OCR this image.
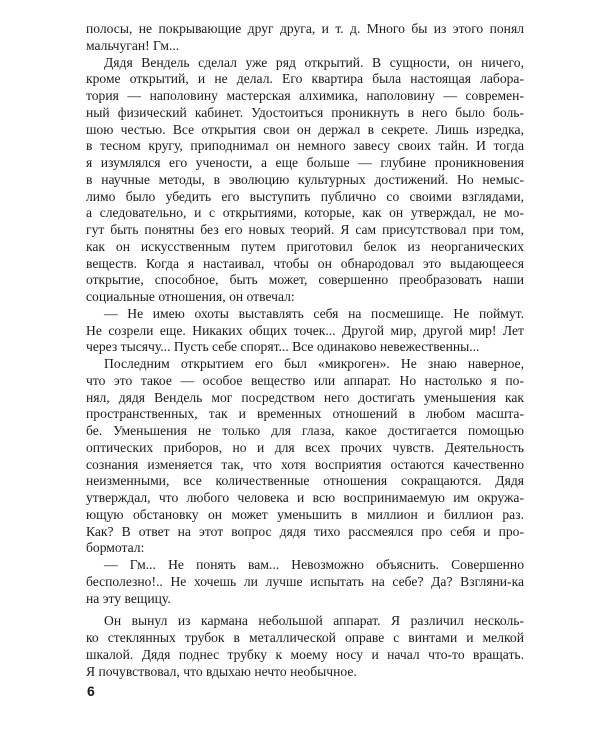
полосы, не покрывающие друг друга, и т. д. Много бы из этого понял
мальчуган! Гм...
Дядя Вендель сделал уже ряд открытий. В сущности, он ничего,
кроме открытий, и не делал. Его квартира была настоящая лабора-
тория — наполовину мастерская алхимика, наполовину — современ-
ный физический кабинет. Удостоиться проникнуть в него было боль-
шою честью. Все открытия свои он держал в секрете. Лишь изредка,
в тесном кругу, приподнимал он немного завесу своих тайн. И тогда
я изумлялся его учености, а еще больше — глубине проникновения
в научные методы, в эволюцию культурных достижений. Но немыс-
лимо было убедить его выступить публично со своими взглядами,
а следовательно, и с открытиями, которые, как он утверждал, не мо-
гут быть понятны без его новых теорий. Я сам присутствовал при том,
как он искусственным путем приготовил белок из неорганических
веществ. Когда я настаивал, чтобы он обнародовал это выдающееся
открытие, способное, быть может, совершенно преобразовать наши
социальные отношения, он отвечал:
— Не имею охоты выставлять себя на посмешище. Не поймут.
Не созрели еще. Никаких общих точек... Другой мир, другой мир! Лет
через тысячу... Пусть себе спорят... Все одинаково невежественны...
Последним открытием его был «микроген». Не знаю наверное,
что это такое — особое вещество или аппарат. Но настолько я по-
нял, дядя Вендель мог посредством него достигать уменьшения как
пространственных, так и временных отношений в любом масшта-
бе. Уменьшения не только для глаза, какое достигается помощью
оптических приборов, но и для всех прочих чувств. Деятельность
сознания изменяется так, что хотя восприятия остаются качественно
неизменными, все количественные отношения сокращаются. Дядя
утверждал, что любого человека и всю воспринимаемую им окружа-
ющую обстановку он может уменьшить в миллион и биллион раз.
Как? В ответ на этот вопрос дядя тихо рассмеялся про себя и про-
бормотал:
— Гм... Не понять вам... Невозможно объяснить. Совершенно
бесполезно!.. Не хочешь ли лучше испытать на себе? Да? Взгляни-ка
на эту вещицу.
Он вынул из кармана небольшой аппарат. Я различил несколь-
ко стеклянных трубок в металлической оправе с винтами и мелкой
шкалой. Дядя поднес трубку к моему носу и начал что-то вращать.
Я почувствовал, что вдыхаю нечто необычное.
6
